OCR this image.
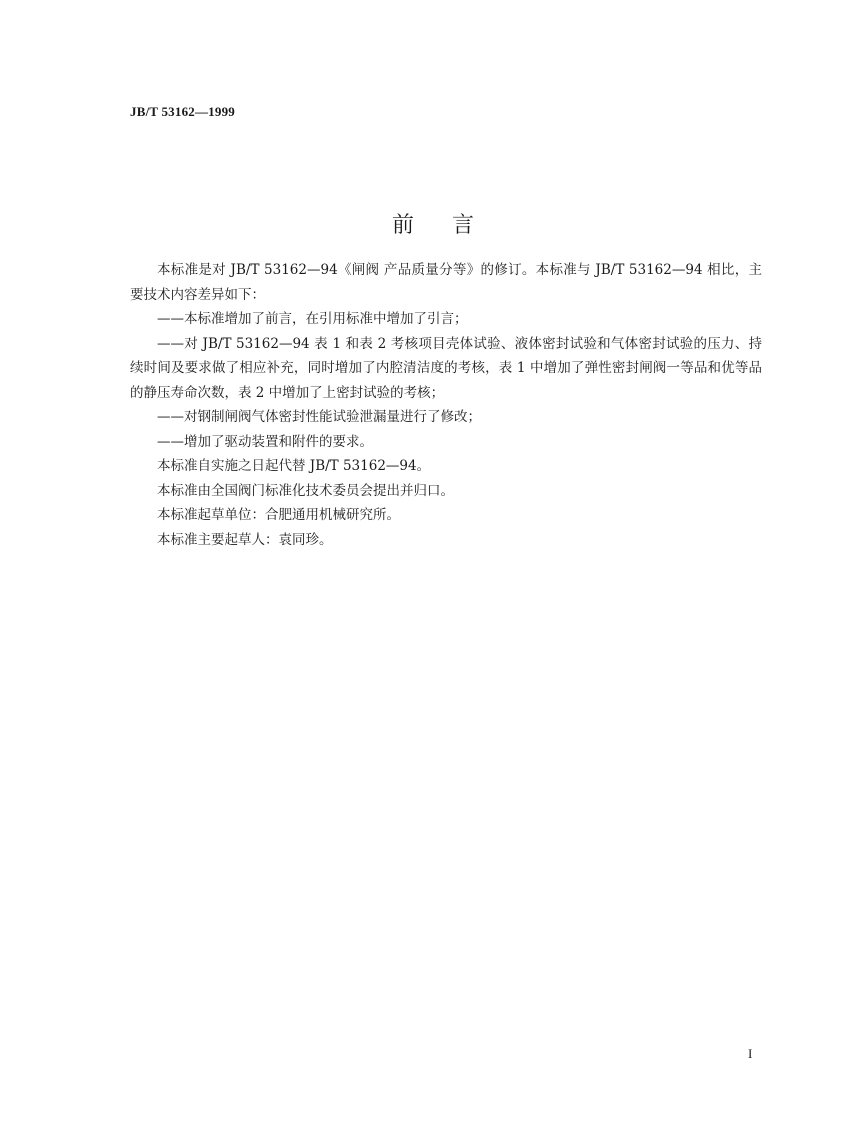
JB/T 53162—1999
前言

本标准是对 JB/T 53162—94《闸阀 产品质量分等》的修订。本标准与 JB/T 53162—94 相比，主要技术内容差异如下：

——本标准增加了前言，在引用标准中增加了引言；

——对 JB/T 53162—94 表 1 和表 2 考核项目壳体试验、液体密封试验和气体密封试验的压力、持续时间及要求做了相应补充，同时增加了内腔清洁度的考核，表 1 中增加了弹性密封闸阀一等品和优等品的静压寿命次数，表 2 中增加了上密封试验的考核；

——对钢制闸阀气体密封性能试验泄漏量进行了修改；

——增加了驱动装置和附件的要求。

本标准自实施之日起代替 JB/T 53162—94。

本标准由全国阀门标准化技术委员会提出并归口。

本标准起草单位：合肥通用机械研究所。

本标准主要起草人：袁同珍。

I
